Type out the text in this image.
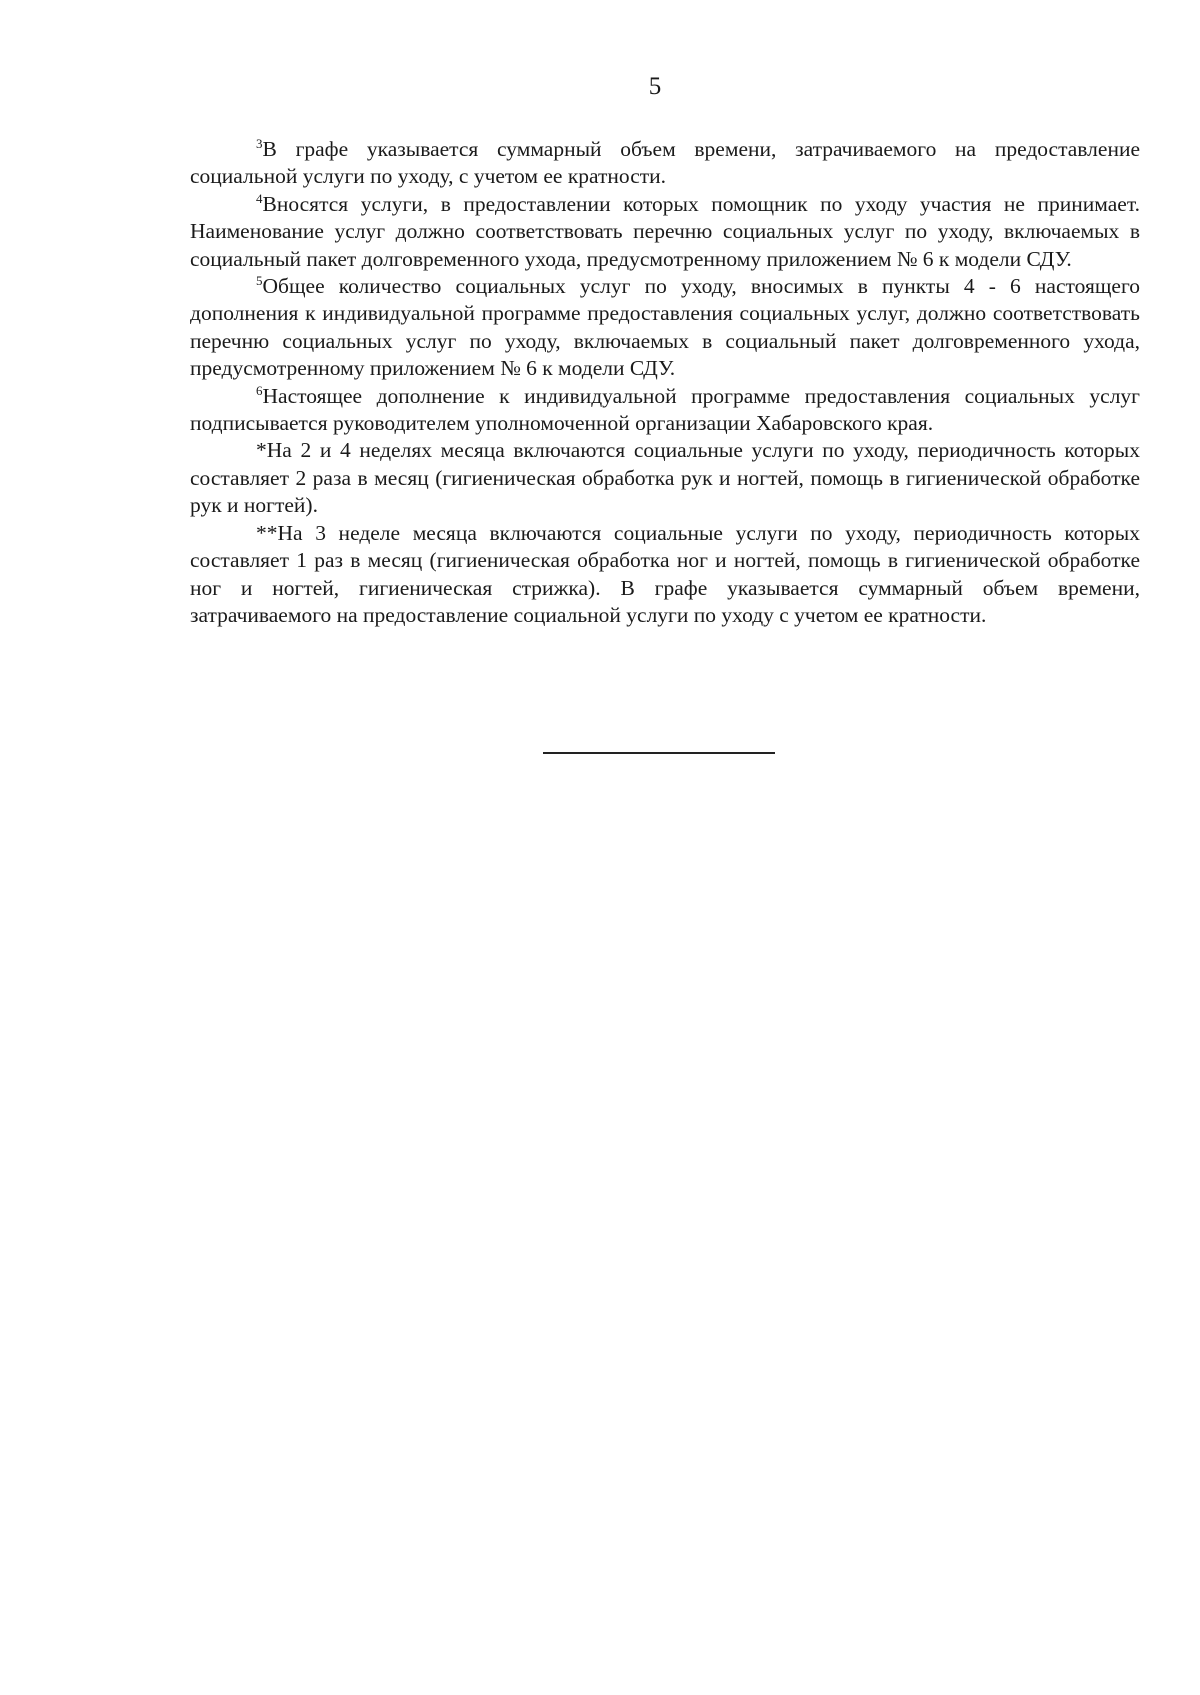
5

$^3$В графе указывается суммарный объем времени, затрачиваемого на предоставление социальной услуги по уходу, с учетом ее кратности.

$^4$Вносятся услуги, в предоставлении которых помощник по уходу участия не принимает. Наименование услуг должно соответствовать перечню социальных услуг по уходу, включаемых в социальный пакет долговременного ухода, предусмотренному приложением № 6 к модели СДУ.

$^5$Общее количество социальных услуг по уходу, вносимых в пункты 4 - 6 настоящего дополнения к индивидуальной программе предоставления социальных услуг, должно соответствовать перечню социальных услуг по уходу, включаемых в социальный пакет долговременного ухода, предусмотренному приложением № 6 к модели СДУ.

$^6$Настоящее дополнение к индивидуальной программе предоставления социальных услуг подписывается руководителем уполномоченной организации Хабаровского края.

*На 2 и 4 неделях месяца включаются социальные услуги по уходу, периодичность которых составляет 2 раза в месяц (гигиеническая обработка рук и ногтей, помощь в гигиенической обработке рук и ногтей).

**На 3 неделе месяца включаются социальные услуги по уходу, периодичность которых составляет 1 раз в месяц (гигиеническая обработка ног и ногтей, помощь в гигиенической обработке ног и ногтей, гигиеническая стрижка). В графе указывается суммарный объем времени, затрачиваемого на предоставление социальной услуги по уходу с учетом ее кратности.
